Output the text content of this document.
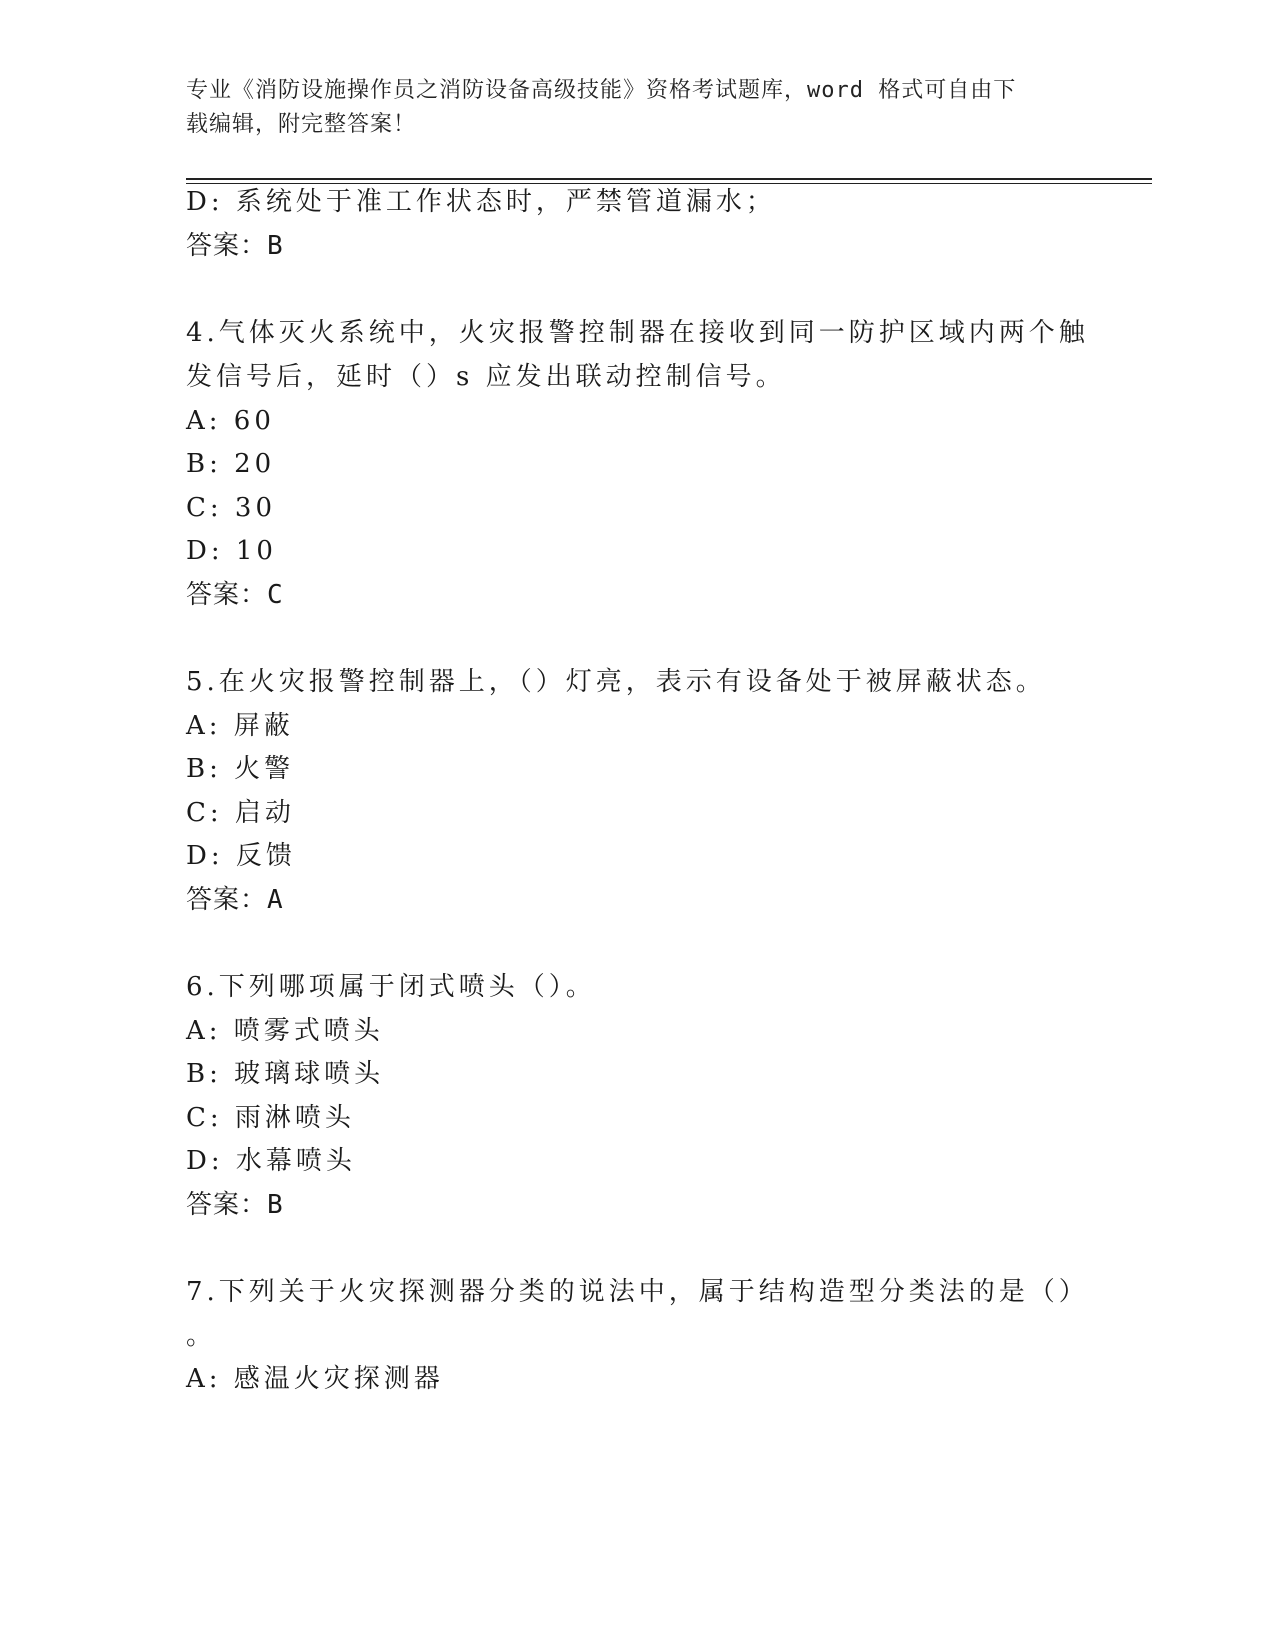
专业《消防设施操作员之消防设备高级技能》资格考试题库，word 格式可自由下
载编辑，附完整答案！
D: 系统处于准工作状态时，严禁管道漏水；
答案：B
4.气体灭火系统中，火灾报警控制器在接收到同一防护区域内两个触
发信号后，延时（）s 应发出联动控制信号。
A: 60
B: 20
C: 30
D: 10
答案：C
5.在火灾报警控制器上，（）灯亮，表示有设备处于被屏蔽状态。
A: 屏蔽
B: 火警
C: 启动
D: 反馈
答案：A
6.下列哪项属于闭式喷头（）。
A: 喷雾式喷头
B: 玻璃球喷头
C: 雨淋喷头
D: 水幕喷头
答案：B
7.下列关于火灾探测器分类的说法中，属于结构造型分类法的是（）
。
A: 感温火灾探测器
